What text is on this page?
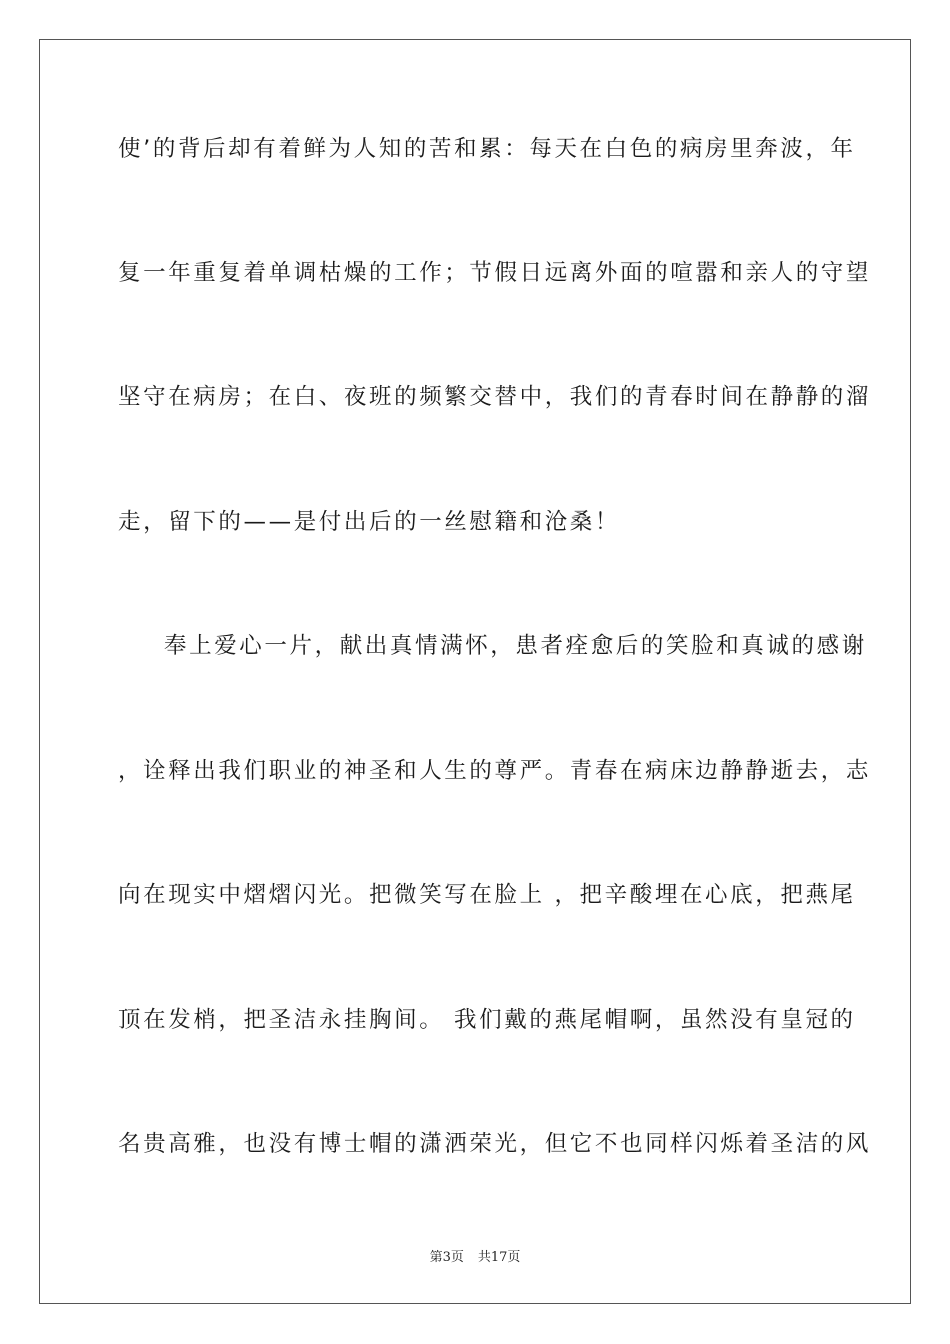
使’的背后却有着鲜为人知的苦和累：每天在白色的病房里奔波，年
复一年重复着单调枯燥的工作；节假日远离外面的喧嚣和亲人的守望
坚守在病房；在白、夜班的频繁交替中，我们的青春时间在静静的溜
走，留下的——是付出后的一丝慰籍和沧桑！
奉上爱心一片，献出真情满怀，患者痊愈后的笑脸和真诚的感谢
，诠释出我们职业的神圣和人生的尊严。青春在病床边静静逝去，志
向在现实中熠熠闪光。把微笑写在脸上 ，把辛酸埋在心底，把燕尾
顶在发梢，把圣洁永挂胸间。 我们戴的燕尾帽啊，虽然没有皇冠的
名贵高雅，也没有博士帽的潇洒荣光，但它不也同样闪烁着圣洁的风
第3页 共17页
